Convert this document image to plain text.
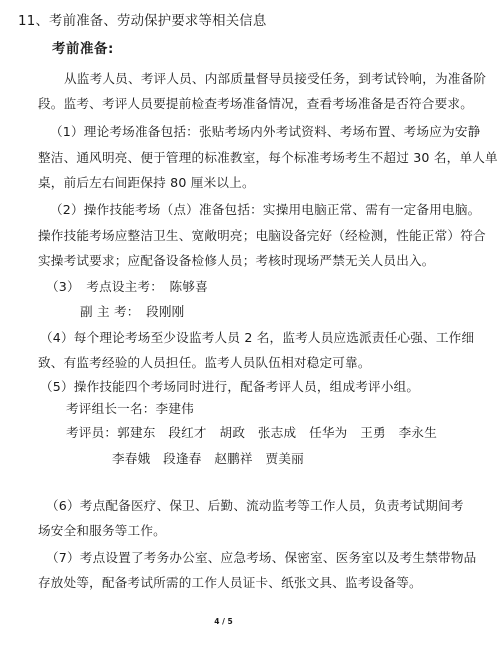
11、考前准备、劳动保护要求等相关信息
考前准备:
从监考人员、考评人员、内部质量督导员接受任务，到考试铃响，为准备阶
段。监考、考评人员要提前检查考场准备情况，查看考场准备是否符合要求。
（1）理论考场准备包括：张贴考场内外考试资料、考场布置、考场应为安静
整洁、通风明亮、便于管理的标准教室，每个标准考场考生不超过 30 名，单人单
桌，前后左右间距保持 80 厘米以上。
（2）操作技能考场（点）准备包括：实操用电脑正常、需有一定备用电脑。
操作技能考场应整洁卫生、宽敞明亮；电脑设备完好（经检测，性能正常）符合
实操考试要求；应配备设备检修人员；考核时现场严禁无关人员出入。
（3）　考点设主考：　陈够喜
副 主 考：　段刚刚
（4）每个理论考场至少设监考人员 2 名，监考人员应选派责任心强、工作细
致、有监考经验的人员担任。监考人员队伍相对稳定可靠。
（5）操作技能四个考场同时进行，配备考评人员，组成考评小组。
考评组长一名：李建伟
考评员：郭建东　段红才　胡政　张志成　任华为　王勇　李永生
李春娥　段逢春　赵鹏祥　贾美丽
（6）考点配备医疗、保卫、后勤、流动监考等工作人员，负责考试期间考
场安全和服务等工作。
（7）考点设置了考务办公室、应急考场、保密室、医务室以及考生禁带物品
存放处等，配备考试所需的工作人员证卡、纸张文具、监考设备等。
4 / 5
